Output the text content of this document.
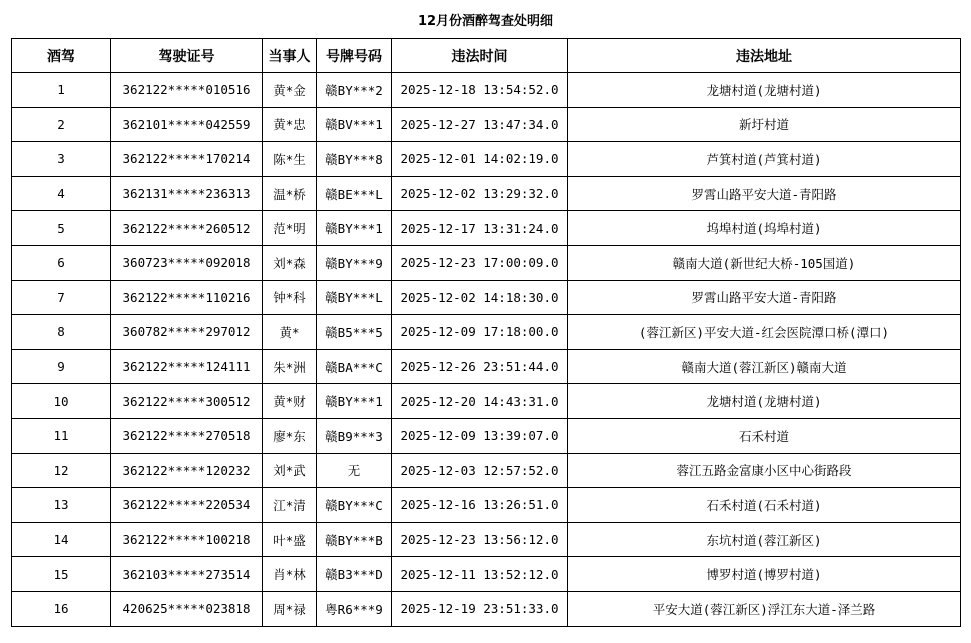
12月份酒醉驾查处明细
酒驾	驾驶证号	当事人	号牌号码	违法时间	违法地址
1	362122*****010516	黄*金	赣BY***2	2025-12-18 13:54:52.0	龙塘村道(龙塘村道)
2	362101*****042559	黄*忠	赣BV***1	2025-12-27 13:47:34.0	新圩村道
3	362122*****170214	陈*生	赣BY***8	2025-12-01 14:02:19.0	芦箕村道(芦箕村道)
4	362131*****236313	温*桥	赣BE***L	2025-12-02 13:29:32.0	罗霄山路平安大道-青阳路
5	362122*****260512	范*明	赣BY***1	2025-12-17 13:31:24.0	坞埠村道(坞埠村道)
6	360723*****092018	刘*森	赣BY***9	2025-12-23 17:00:09.0	赣南大道(新世纪大桥-105国道)
7	362122*****110216	钟*科	赣BY***L	2025-12-02 14:18:30.0	罗霄山路平安大道-青阳路
8	360782*****297012	黄*	赣B5***5	2025-12-09 17:18:00.0	(蓉江新区)平安大道-红会医院潭口桥(潭口)
9	362122*****124111	朱*洲	赣BA***C	2025-12-26 23:51:44.0	赣南大道(蓉江新区)赣南大道
10	362122*****300512	黄*财	赣BY***1	2025-12-20 14:43:31.0	龙塘村道(龙塘村道)
11	362122*****270518	廖*东	赣B9***3	2025-12-09 13:39:07.0	石禾村道
12	362122*****120232	刘*武	无	2025-12-03 12:57:52.0	蓉江五路金富康小区中心街路段
13	362122*****220534	江*清	赣BY***C	2025-12-16 13:26:51.0	石禾村道(石禾村道)
14	362122*****100218	叶*盛	赣BY***B	2025-12-23 13:56:12.0	东坑村道(蓉江新区)
15	362103*****273514	肖*林	赣B3***D	2025-12-11 13:52:12.0	博罗村道(博罗村道)
16	420625*****023818	周*禄	粤R6***9	2025-12-19 23:51:33.0	平安大道(蓉江新区)浮江东大道-泽兰路
